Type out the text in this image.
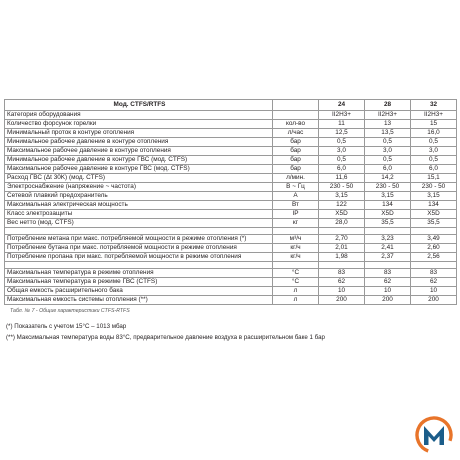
Мод. CTFS/RTFS		24	28	32
Категория оборудования		II2H3+	II2H3+	II2H3+
Количество форсунок горелки	кол-во	11	13	15
Минимальный проток в контуре отопления	л/час	12,5	13,5	16,0
Минимальное рабочее давление в контуре отопления	бар	0,5	0,5	0,5
Максимальное рабочее давление в контуре отопления	бар	3,0	3,0	3,0
Минимальное рабочее давление в контуре ГВС (мод. CTFS)	бар	0,5	0,5	0,5
Максимальное рабочее давление в контуре ГВС (мод. CTFS)	бар	6,0	6,0	6,0
Расход ГВС (Δt 30K) (мод. CTFS)	л/мин.	11,6	14,2	15,1
Электроснабжение (напряжение ~ частота)	В ~ Гц	230 - 50	230 - 50	230 - 50
Сетевой плавкий предохранитель	A	3,15	3,15	3,15
Максимальная электрическая мощность	Вт	122	134	134
Класс электрозащиты	IP	X5D	X5D	X5D
Вес нетто (мод. CTFS)	кг	28,0	35,5	35,5

Потребление метана при макс. потребляемой мощности в режиме отопления (*)	м³/ч	2,70	3,23	3,49
Потребление бутана при макс. потребляемой мощности в режиме отопления	кг/ч	2,01	2,41	2,60
Потребление пропана при макс. потребляемой мощности в режиме отопления	кг/ч	1,98	2,37	2,56

Максимальная температура в режиме отопления	°C	83	83	83
Максимальная температура в режиме ГВС (CTFS)	°C	62	62	62
Общая емкость расширительного бака	л	10	10	10
Максимальная емкость системы отопления (**)	л	200	200	200
Табл. № 7 - Общие характеристики CTFS-RTFS
(*) Показатель с учетом 15°C – 1013 мбар
(**) Максимальная температура воды 83°C, предварительное давление воздуха в расширительном баке 1 бар
